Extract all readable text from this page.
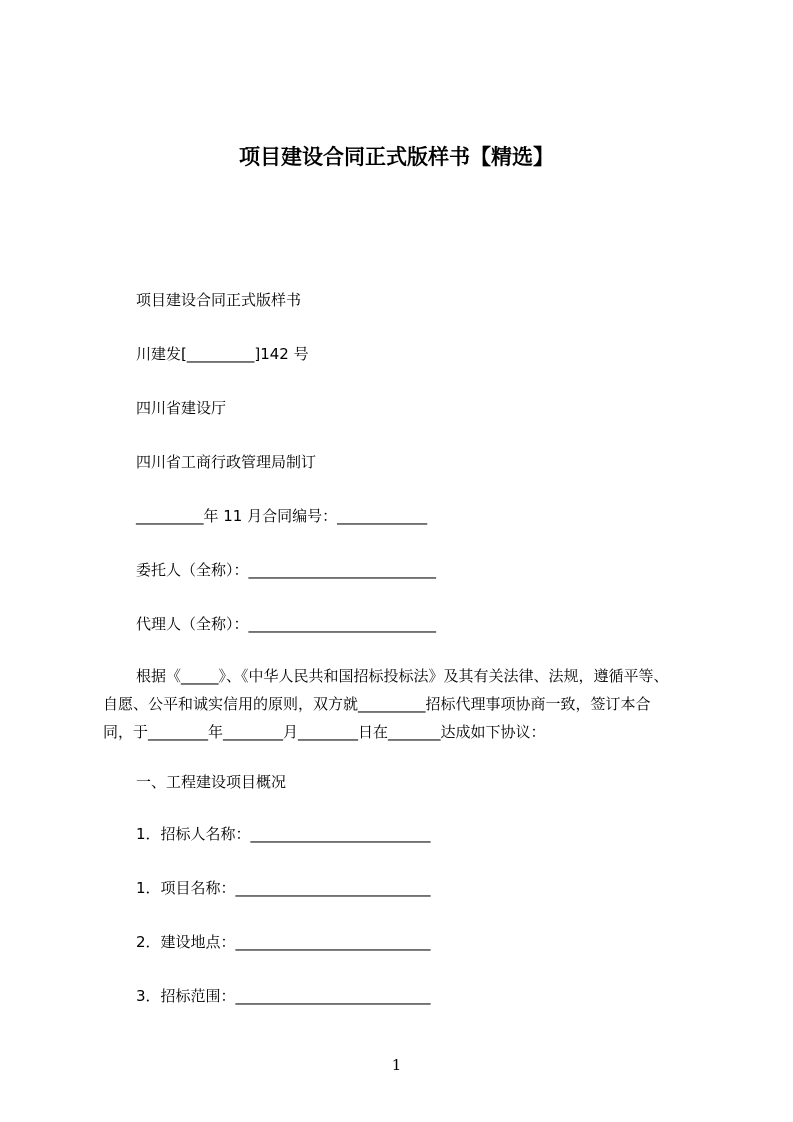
项目建设合同正式版样书【精选】
项目建设合同正式版样书
川建发[_________]142 号
四川省建设厅
四川省工商行政管理局制订
_________年 11 月合同编号：____________
委托人（全称）：_________________________
代理人（全称）：_________________________

根据《_____》、《中华人民共和国招标投标法》及其有关法律、法规，遵循平等、

自愿、公平和诚实信用的原则，双方就_________招标代理事项协商一致，签订本合

同，于________年________月________日在_______达成如下协议：

一、工程建设项目概况
1．招标人名称：________________________
1．项目名称：__________________________
2．建设地点：__________________________
3．招标范围：__________________________
1
